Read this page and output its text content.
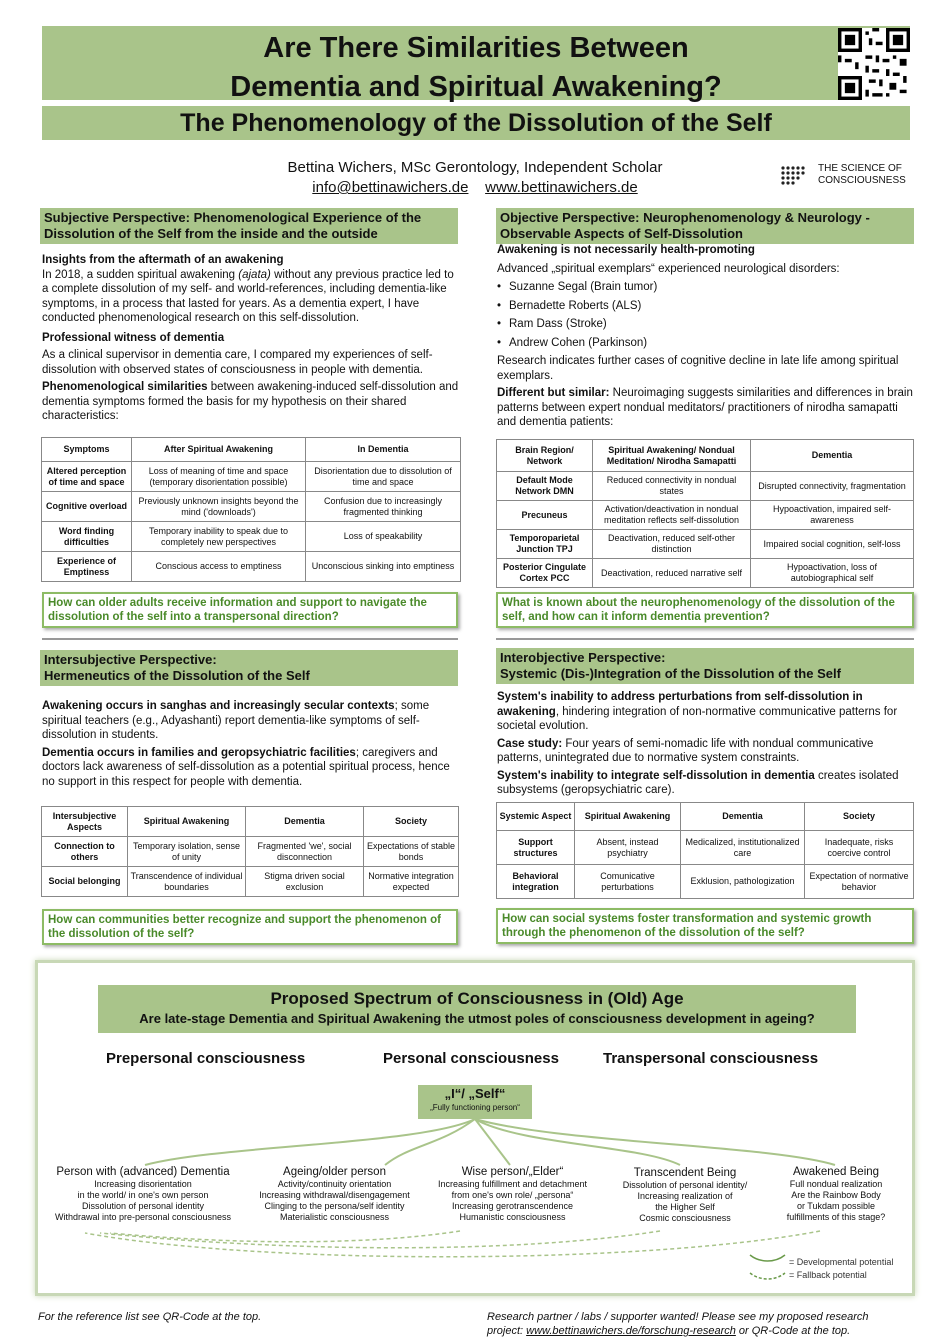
Are There Similarities Between
Dementia and Spiritual Awakening?
The Phenomenology of the Dissolution of the Self
Bettina Wichers, MSc Gerontology, Independent Scholar
info@bettinawichers.de www.bettinawichers.de
THE SCIENCE OF
CONSCIOUSNESS
Subjective Perspective: Phenomenological Experience of the Dissolution of the Self from the inside and the outside
Insights from the aftermath of an awakening
In 2018, a sudden spiritual awakening (ajata) without any previous practice led to a complete dissolution of my self- and world-references, including dementia-like symptoms, in a process that lasted for years. As a dementia expert, I have conducted phenomenological research on this self-dissolution.
Professional witness of dementia
As a clinical supervisor in dementia care, I compared my experiences of self-dissolution with observed states of consciousness in people with dementia.
Phenomenological similarities between awakening-induced self-dissolution and dementia symptoms formed the basis for my hypothesis on their shared characteristics:
Symptoms	After Spiritual Awakening	In Dementia
Altered perception of time and space	Loss of meaning of time and space (temporary disorientation possible)	Disorientation due to dissolution of time and space
Cognitive overload	Previously unknown insights beyond the mind ('downloads')	Confusion due to increasingly fragmented thinking
Word finding difficulties	Temporary inability to speak due to completely new perspectives	Loss of speakability
Experience of Emptiness	Conscious access to emptiness	Unconscious sinking into emptiness
How can older adults receive information and support to navigate the dissolution of the self into a transpersonal direction?
Objective Perspective: Neurophenomenology & Neurology - Observable Aspects of Self-Dissolution
Awakening is not necessarily health-promoting
Advanced „spiritual exemplars“ experienced neurological disorders:
• Suzanne Segal (Brain tumor)
• Bernadette Roberts (ALS)
• Ram Dass (Stroke)
• Andrew Cohen (Parkinson)
Research indicates further cases of cognitive decline in late life among spiritual exemplars.
Different but similar: Neuroimaging suggests similarities and differences in brain patterns between expert nondual meditators/ practitioners of nirodha samapatti and dementia patients:
Brain Region/ Network	Spiritual Awakening/ Nondual Meditation/ Nirodha Samapatti	Dementia
Default Mode Network DMN	Reduced connectivity in nondual states	Disrupted connectivity, fragmentation
Precuneus	Activation/deactivation in nondual meditation reflects self-dissolution	Hypoactivation, impaired self-awareness
Temporoparietal Junction TPJ	Deactivation, reduced self-other distinction	Impaired social cognition, self-loss
Posterior Cingulate Cortex PCC	Deactivation, reduced narrative self	Hypoactivation, loss of autobiographical self
What is known about the neurophenomenology of the dissolution of the self, and how can it inform dementia prevention?
Intersubjective Perspective:
Hermeneutics of the Dissolution of the Self
Awakening occurs in sanghas and increasingly secular contexts; some spiritual teachers (e.g., Adyashanti) report dementia-like symptoms of self-dissolution in students.
Dementia occurs in families and geropsychiatric facilities; caregivers and doctors lack awareness of self-dissolution as a potential spiritual process, hence no support in this respect for people with dementia.
Intersubjective Aspects	Spiritual Awakening	Dementia	Society
Connection to others	Temporary isolation, sense of unity	Fragmented 'we', social disconnection	Expectations of stable bonds
Social belonging	Transcendence of individual boundaries	Stigma driven social exclusion	Normative integration expected
How can communities better recognize and support the phenomenon of the dissolution of the self?
Interobjective Perspective:
Systemic (Dis-)Integration of the Dissolution of the Self
System's inability to address perturbations from self-dissolution in awakening, hindering integration of non-normative communicative patterns for societal evolution.
Case study: Four years of semi-nomadic life with nondual communicative patterns, unintegrated due to normative system constraints.
System's inability to integrate self-dissolution in dementia creates isolated subsystems (geropsychiatric care).
Systemic Aspect	Spiritual Awakening	Dementia	Society
Support structures	Absent, instead psychiatry	Medicalized, institutionalized care	Inadequate, risks coercive control
Behavioral integration	Comunicative perturbations	Exklusion, pathologization	Expectation of normative behavior
How can social systems foster transformation and systemic growth through the phenomenon of the dissolution of the self?
Proposed Spectrum of Consciousness in (Old) Age
Are late-stage Dementia and Spiritual Awakening the utmost poles of consciousness development in ageing?
Prepersonal consciousness	Personal consciousness	Transpersonal consciousness
„I“/ „Self“
„Fully functioning person“
Person with (advanced) Dementia
Increasing disorientation
in the world/ in one's own person
Dissolution of personal identity
Withdrawal into pre-personal consciousness
Ageing/older person
Activity/continuity orientation
Increasing withdrawal/disengagement
Clinging to the persona/self identity
Materialistic consciousness
Wise person/„Elder“
Increasing fulfillment and detachment
from one's own role/ „persona“
Increasing gerotranscendence
Humanistic consciousness
Transcendent Being
Dissolution of personal identity/
Increasing realization of
the Higher Self
Cosmic consciousness
Awakened Being
Full nondual realization
Are the Rainbow Body
or Tukdam possible
fulfillments of this stage?
= Developmental potential
= Fallback potential
For the reference list see QR-Code at the top.	Research partner / labs / supporter wanted! Please see my proposed research
project: www.bettinawichers.de/forschung-research or QR-Code at the top.
